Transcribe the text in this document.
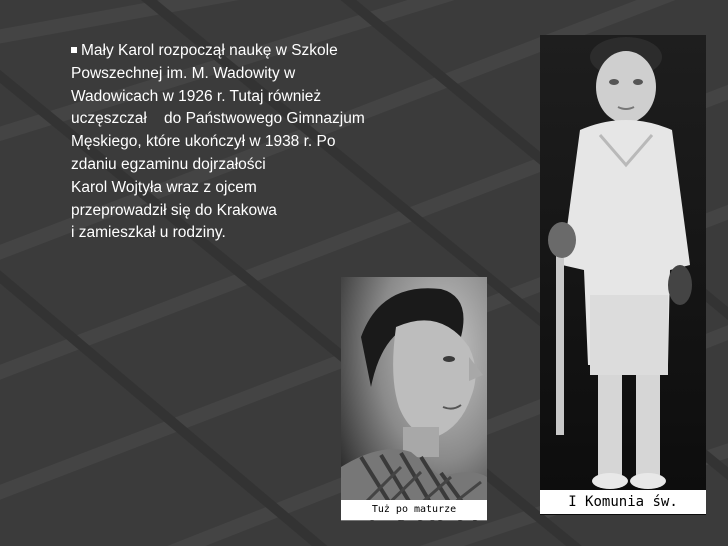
Mały Karol rozpoczął naukę w Szkole
Powszechnej im. M. Wadowity w
Wadowicach w 1926 r. Tutaj również
uczęszczał    do Państwowego Gimnazjum
Męskiego, które ukończył w 1938 r. Po
zdaniu egzaminu dojrzałości
Karol Wojtyła wraz z ojcem
przeprowadził się do Krakowa
i zamieszkał u rodziny.
I Komunia św.
Tuż po maturze
